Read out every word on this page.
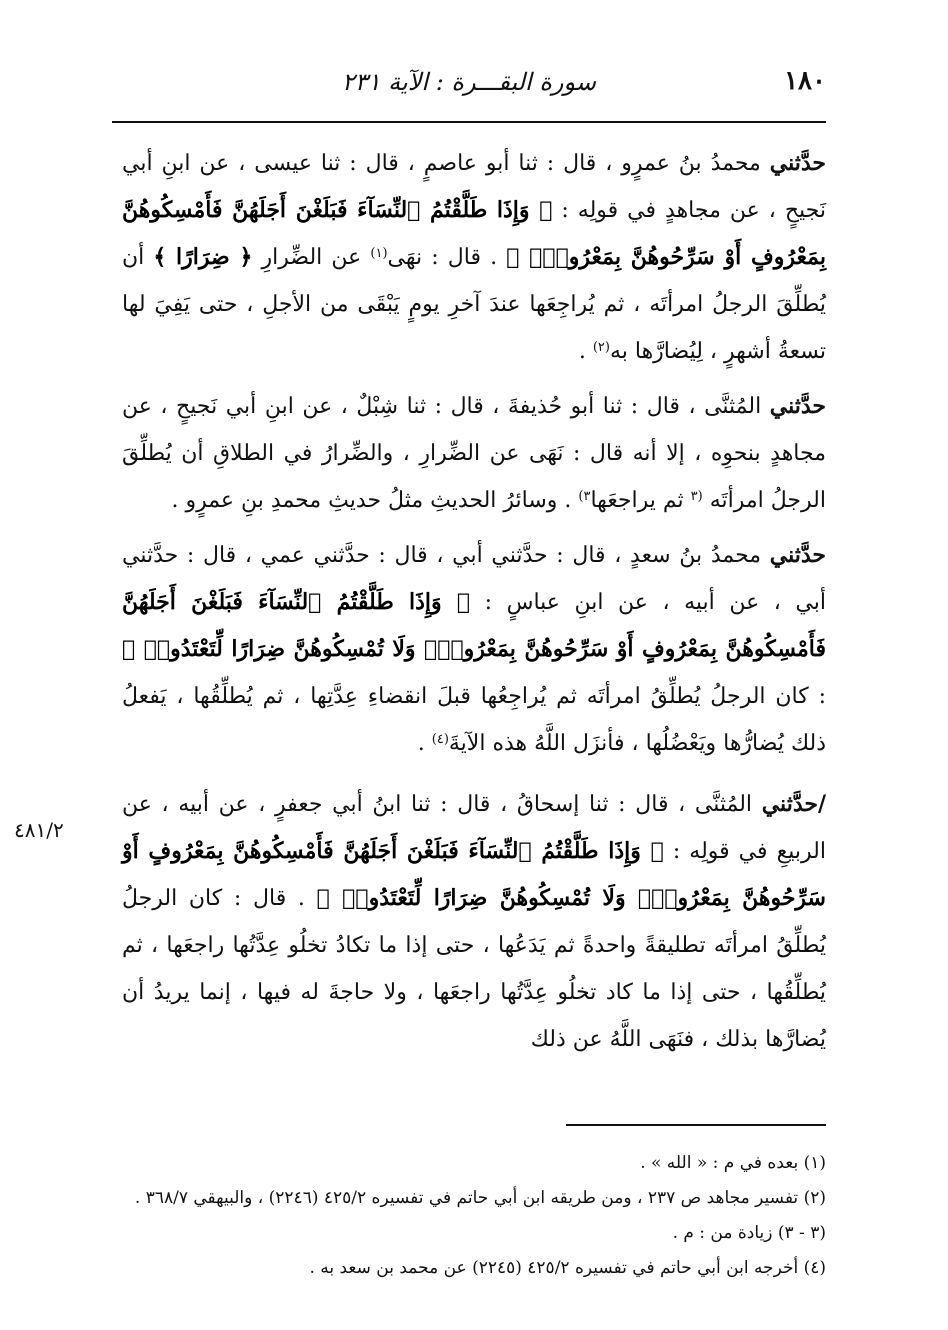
١٨٠
سورة البقـــرة : الآية ٢٣١
٤٨١/٢

حدَّثني محمدُ بنُ عمرٍو ، قال : ثنا أبو عاصمٍ ، قال : ثنا عيسى ، عن ابنِ أبي نَجيحٍ ، عن مجاهدٍ في قولِه : ﴿ وَإِذَا طَلَّقْتُمُ ٱلنِّسَآءَ فَبَلَغْنَ أَجَلَهُنَّ فَأَمْسِكُوهُنَّ بِمَعْرُوفٍ أَوْ سَرِّحُوهُنَّ بِمَعْرُوفٍۚ ﴾ . قال : نهَى$^{(١)}$ عن الضِّرارِ ﴿ ضِرَارًا ﴾ أن يُطلِّقَ الرجلُ امرأتَه ، ثم يُراجِعَها عندَ آخرِ يومٍ يَبْقَى من الأجلِ ، حتى يَفِيَ لها تسعةُ أشهرٍ ، لِيُضارَّها به$^{(٢)}$ .

حدَّثني المُثنَّى ، قال : ثنا أبو حُذيفةَ ، قال : ثنا شِبْلٌ ، عن ابنِ أبي نَجيحٍ ، عن مجاهدٍ بنحوِه ، إلا أنه قال : نَهَى عن الضِّرارِ ، والضِّرارُ في الطلاقِ أن يُطلِّقَ الرجلُ امرأتَه $^{(٣}$ ثم يراجعَها$^{٣)}$ . وسائرُ الحديثِ مثلُ حديثِ محمدِ بنِ عمرٍو .

حدَّثني محمدُ بنُ سعدٍ ، قال : حدَّثني أبي ، قال : حدَّثني عمي ، قال : حدَّثني أبي ، عن أبيه ، عن ابنِ عباسٍ : ﴿ وَإِذَا طَلَّقْتُمُ ٱلنِّسَآءَ فَبَلَغْنَ أَجَلَهُنَّ فَأَمْسِكُوهُنَّ بِمَعْرُوفٍ أَوْ سَرِّحُوهُنَّ بِمَعْرُوفٍۚ وَلَا تُمْسِكُوهُنَّ ضِرَارًا لِّتَعْتَدُوا۟ ﴾ : كان الرجلُ يُطلِّقُ امرأتَه ثم يُراجِعُها قبلَ انقضاءِ عِدَّتِها ، ثم يُطلِّقُها ، يَفعلُ ذلك يُضارُّها ويَعْضُلُها ، فأنزَل اللَّهُ هذه الآيةَ$^{(٤)}$ .

/حدَّثني المُثنَّى ، قال : ثنا إسحاقُ ، قال : ثنا ابنُ أبي جعفرٍ ، عن أبيه ، عن الربيعِ في قولِه : ﴿ وَإِذَا طَلَّقْتُمُ ٱلنِّسَآءَ فَبَلَغْنَ أَجَلَهُنَّ فَأَمْسِكُوهُنَّ بِمَعْرُوفٍ أَوْ سَرِّحُوهُنَّ بِمَعْرُوفٍۚ وَلَا تُمْسِكُوهُنَّ ضِرَارًا لِّتَعْتَدُوا۟ ﴾ . قال : كان الرجلُ يُطلِّقُ امرأتَه تطليقةً واحدةً ثم يَدَعُها ، حتى إذا ما تكادُ تخلُو عِدَّتُها راجعَها ، ثم يُطلِّقُها ، حتى إذا ما كاد تخلُو عِدَّتُها راجعَها ، ولا حاجةَ له فيها ، إنما يريدُ أن يُضارَّها بذلك ، فنَهَى اللَّهُ عن ذلك

(١) بعده في م : « الله » .
(٢) تفسير مجاهد ص ٢٣٧ ، ومن طريقه ابن أبي حاتم في تفسيره ٤٢٥/٢ (٢٢٤٦) ، والبيهقي ٣٦٨/٧ .
(٣ - ٣) زيادة من : م .
(٤) أخرجه ابن أبي حاتم في تفسيره ٤٢٥/٢ (٢٢٤٥) عن محمد بن سعد به .
